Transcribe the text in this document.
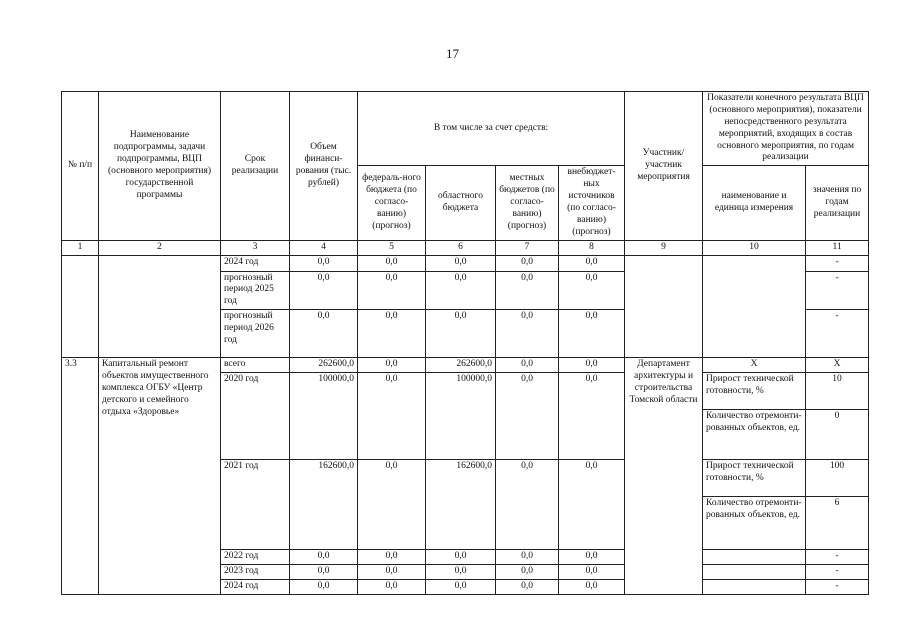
17
№ п/п	Наименование подпрограммы, задачи подпрограммы, ВЦП (основного мероприятия) государственной программы	Срок реализации	Объем финанси-рования (тыс. рублей)	В том числе за счет средств:				Участник/ участник мероприятия	Показатели конечного результата ВЦП (основного мероприятия), показатели непосредственного результата мероприятий, входящих в состав основного мероприятия, по годам реализации	
				федераль-ного бюджета (по согласо-ванию) (прогноз)	областного бюджета	местных бюджетов (по согласо-ванию) (прогноз)	внебюджет-ных источников (по согласо-ванию) (прогноз)		наименование и единица измерения	значения по годам реализации

1	2	3	4	5	6	7	8	9	10	11
		2024 год	0,0	0,0	0,0	0,0	0,0			-
		прогнозный период 2025 год	0,0	0,0	0,0	0,0	0,0			-
		прогнозный период 2026 год	0,0	0,0	0,0	0,0	0,0			-
3.3	Капитальный ремонт объектов имущественного комплекса ОГБУ «Центр детского и семейного отдыха «Здоровье»	всего	262600,0	0,0	262600,0	0,0	0,0	Департамент архитектуры и строительства Томской области	X	X
		2020 год	100000,0	0,0	100000,0	0,0	0,0		Прирост технической готовности, %	10
									Количество отремонти-рованных объектов, ед.	0
		2021 год	162600,0	0,0	162600,0	0,0	0,0		Прирост технической готовности, %	100
									Количество отремонти-рованных объектов, ед.	6
		2022 год	0,0	0,0	0,0	0,0	0,0			-
		2023 год	0,0	0,0	0,0	0,0	0,0			-
		2024 год	0,0	0,0	0,0	0,0	0,0			-
